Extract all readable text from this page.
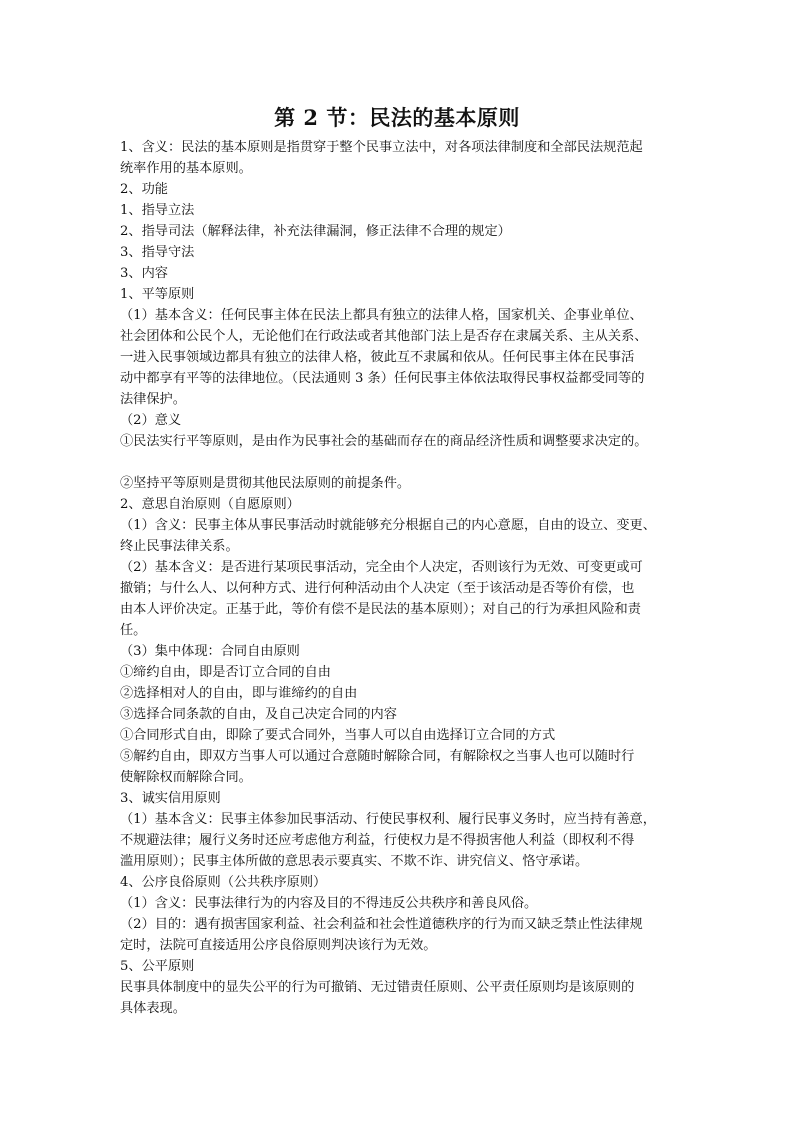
第 2 节：民法的基本原则

1、含义：民法的基本原则是指贯穿于整个民事立法中，对各项法律制度和全部民法规范起

统率作用的基本原则。

2、功能

1、指导立法

2、指导司法（解释法律，补充法律漏洞，修正法律不合理的规定）

3、指导守法

3、内容

1、平等原则

（1）基本含义：任何民事主体在民法上都具有独立的法律人格，国家机关、企事业单位、

社会团体和公民个人，无论他们在行政法或者其他部门法上是否存在隶属关系、主从关系、

一进入民事领域边都具有独立的法律人格，彼此互不隶属和依从。任何民事主体在民事活

动中都享有平等的法律地位。（民法通则 3 条）任何民事主体依法取得民事权益都受同等的

法律保护。

（2）意义

①民法实行平等原则，是由作为民事社会的基础而存在的商品经济性质和调整要求决定的。

②坚持平等原则是贯彻其他民法原则的前提条件。

2、意思自治原则（自愿原则）

（1）含义：民事主体从事民事活动时就能够充分根据自己的内心意愿，自由的设立、变更、

终止民事法律关系。

（2）基本含义：是否进行某项民事活动，完全由个人决定，否则该行为无效、可变更或可

撤销；与什么人、以何种方式、进行何种活动由个人决定（至于该活动是否等价有偿，也

由本人评价决定。正基于此，等价有偿不是民法的基本原则）；对自己的行为承担风险和责

任。

（3）集中体现：合同自由原则

①缔约自由，即是否订立合同的自由

②选择相对人的自由，即与谁缔约的自由

③选择合同条款的自由，及自己决定合同的内容

①合同形式自由，即除了要式合同外，当事人可以自由选择订立合同的方式

⑤解约自由，即双方当事人可以通过合意随时解除合同，有解除权之当事人也可以随时行

使解除权而解除合同。

3、诚实信用原则

（1）基本含义：民事主体参加民事活动、行使民事权利、履行民事义务时，应当持有善意，

不规避法律；履行义务时还应考虑他方利益，行使权力是不得损害他人利益（即权利不得

滥用原则）；民事主体所做的意思表示要真实、不欺不诈、讲究信义、恪守承诺。

4、公序良俗原则（公共秩序原则）

（1）含义：民事法律行为的内容及目的不得违反公共秩序和善良风俗。

（2）目的：遇有损害国家利益、社会利益和社会性道德秩序的行为而又缺乏禁止性法律规

定时，法院可直接适用公序良俗原则判决该行为无效。

5、公平原则

民事具体制度中的显失公平的行为可撤销、无过错责任原则、公平责任原则均是该原则的

具体表现。
